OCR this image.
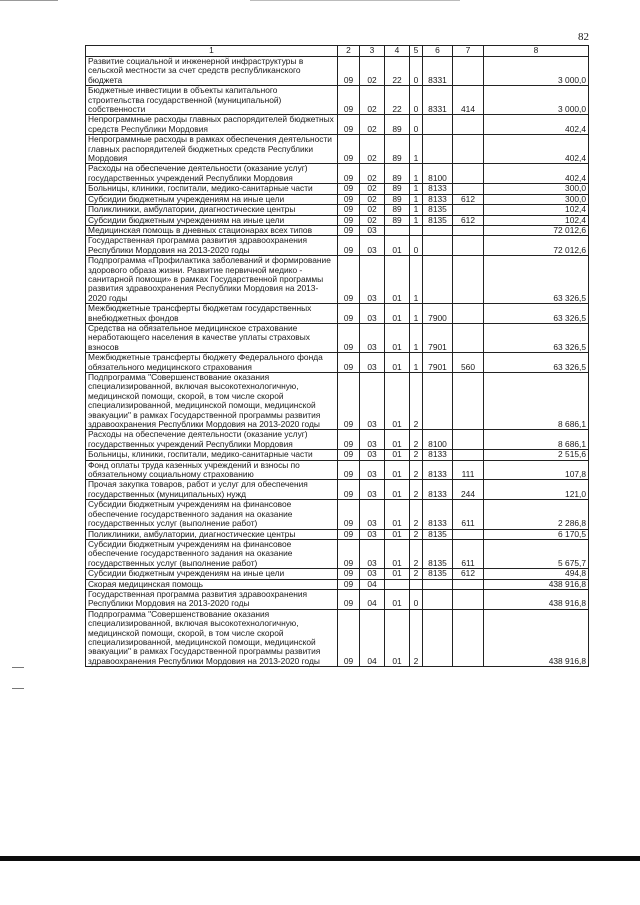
82
1	2	3	4	5	6	7	8
Развитие социальной и инженерной инфраструктуры в сельской местности за счет средств республиканского бюджета	09	02	22	0	8331		3 000,0
Бюджетные инвестиции в объекты капитального строительства государственной (муниципальной) собственности	09	02	22	0	8331	414	3 000,0
Непрограммные расходы главных распорядителей бюджетных средств Республики Мордовия	09	02	89	0			402,4
Непрограммные расходы в рамках обеспечения деятельности главных распорядителей бюджетных средств Республики Мордовия	09	02	89	1			402,4
Расходы на обеспечение деятельности (оказание услуг) государственных учреждений Республики Мордовия	09	02	89	1	8100		402,4
Больницы, клиники, госпитали, медико-санитарные части	09	02	89	1	8133		300,0
Субсидии бюджетным учреждениям на иные цели	09	02	89	1	8133	612	300,0
Поликлиники, амбулатории, диагностические центры	09	02	89	1	8135		102,4
Субсидии бюджетным учреждениям на иные цели	09	02	89	1	8135	612	102,4
Медицинская помощь в дневных стационарах всех типов	09	03					72 012,6
Государственная программа развития здравоохранения Республики Мордовия на 2013-2020 годы	09	03	01	0			72 012,6
Подпрограмма «Профилактика заболеваний и формирование здорового образа жизни. Развитие первичной медико - санитарной помощи» в рамках Государственной программы развития здравоохранения Республики Мордовия на 2013-2020 годы	09	03	01	1			63 326,5
Межбюджетные трансферты бюджетам государственных внебюджетных фондов	09	03	01	1	7900		63 326,5
Средства на обязательное медицинское страхование неработающего населения в качестве уплаты страховых взносов	09	03	01	1	7901		63 326,5
Межбюджетные трансферты бюджету Федерального фонда обязательного медицинского страхования	09	03	01	1	7901	560	63 326,5
Подпрограмма "Совершенствование оказания специализированной, включая высокотехнологичную, медицинской помощи, скорой, в том числе скорой специализированной, медицинской помощи, медицинской эвакуации" в рамках Государственной программы развития здравоохранения Республики Мордовия на 2013-2020 годы	09	03	01	2			8 686,1
Расходы на обеспечение деятельности (оказание услуг) государственных учреждений Республики Мордовия	09	03	01	2	8100		8 686,1
Больницы, клиники, госпитали, медико-санитарные части	09	03	01	2	8133		2 515,6
Фонд оплаты труда казенных учреждений и взносы по обязательному социальному страхованию	09	03	01	2	8133	111	107,8
Прочая закупка товаров, работ и услуг для обеспечения государственных (муниципальных) нужд	09	03	01	2	8133	244	121,0
Субсидии бюджетным учреждениям на финансовое обеспечение государственного задания на оказание государственных услуг (выполнение работ)	09	03	01	2	8133	611	2 286,8
Поликлиники, амбулатории, диагностические центры	09	03	01	2	8135		6 170,5
Субсидии бюджетным учреждениям на финансовое обеспечение государственного задания на оказание государственных услуг (выполнение работ)	09	03	01	2	8135	611	5 675,7
Субсидии бюджетным учреждениям на иные цели	09	03	01	2	8135	612	494,8
Скорая медицинская помощь	09	04					438 916,8
Государственная программа развития здравоохранения Республики Мордовия на 2013-2020 годы	09	04	01	0			438 916,8
Подпрограмма "Совершенствование оказания специализированной, включая высокотехнологичную, медицинской помощи, скорой, в том числе скорой специализированной, медицинской помощи, медицинской эвакуации" в рамках Государственной программы развития здравоохранения Республики Мордовия на 2013-2020 годы	09	04	01	2			438 916,8
